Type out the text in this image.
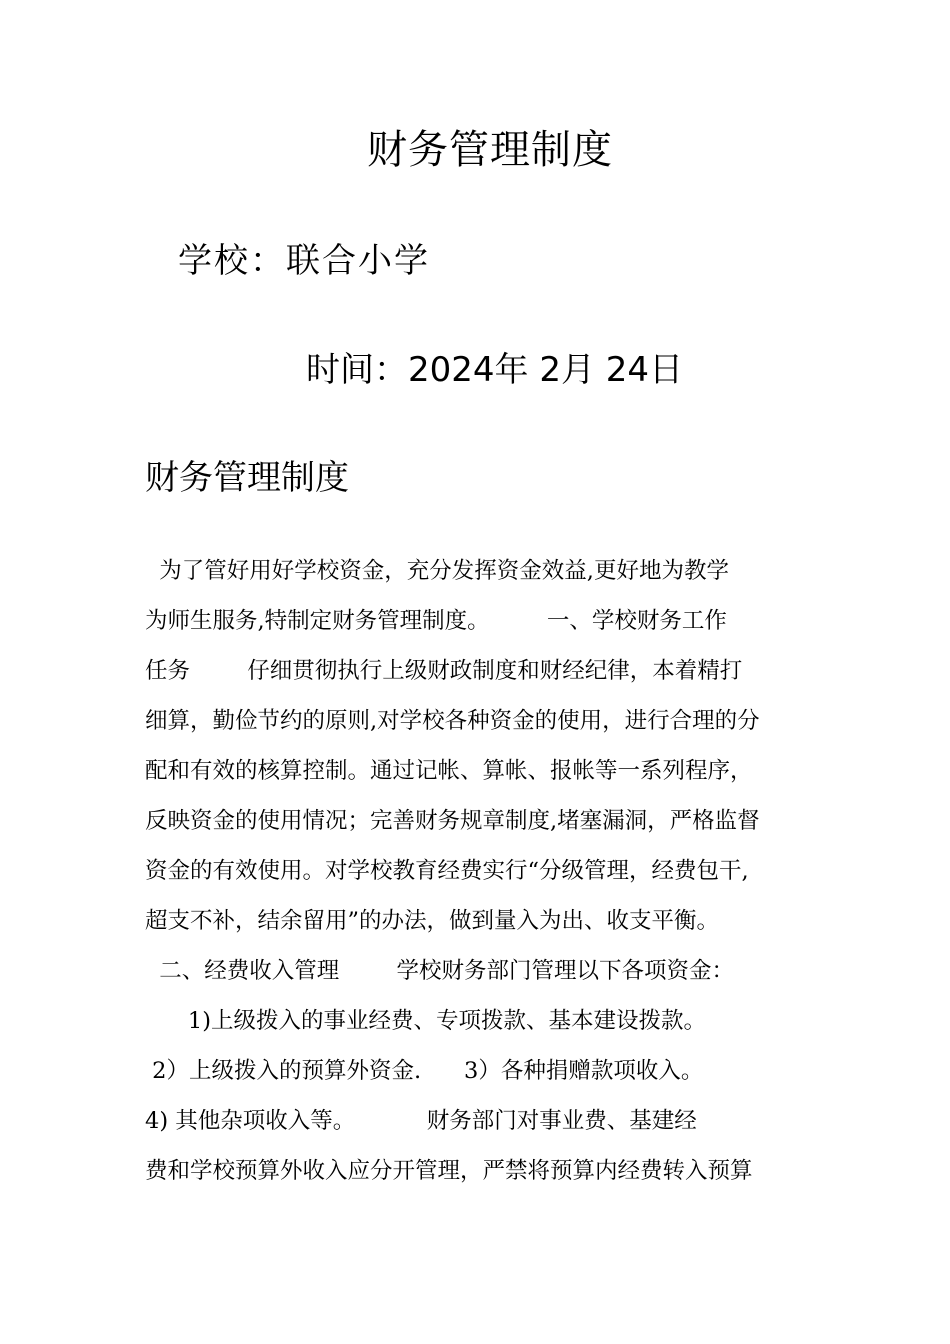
财务管理制度
学校：联合小学
时间：2024年 2月 24日
财务管理制度
为了管好用好学校资金，充分发挥资金效益,更好地为教学
为师生服务,特制定财务管理制度。        一、学校财务工作
任务        仔细贯彻执行上级财政制度和财经纪律，本着精打
细算，勤俭节约的原则,对学校各种资金的使用，进行合理的分
配和有效的核算控制。通过记帐、算帐、报帐等一系列程序，
反映资金的使用情况；完善财务规章制度,堵塞漏洞，严格监督
资金的有效使用。对学校教育经费实行“分级管理，经费包干,
超支不补，结余留用”的办法，做到量入为出、收支平衡。
二、经费收入管理        学校财务部门管理以下各项资金：
1)上级拨入的事业经费、专项拨款、基本建设拨款。
2）上级拨入的预算外资金.      3）各种捐赠款项收入。
4) 其他杂项收入等。          财务部门对事业费、基建经
费和学校预算外收入应分开管理，严禁将预算内经费转入预算
